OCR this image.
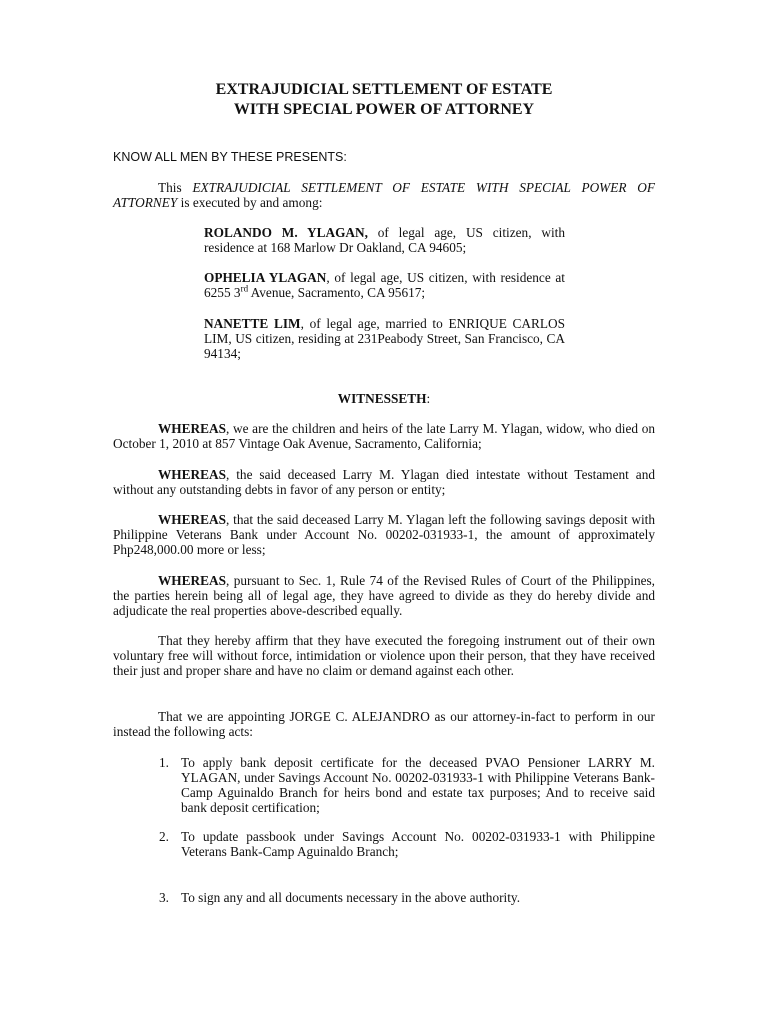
EXTRAJUDICIAL SETTLEMENT OF ESTATE
WITH SPECIAL POWER OF ATTORNEY

KNOW ALL MEN BY THESE PRESENTS:

This EXTRAJUDICIAL SETTLEMENT OF ESTATE WITH SPECIAL POWER OF ATTORNEY is executed by and among:

ROLANDO M. YLAGAN, of legal age, US citizen, with residence at 168 Marlow Dr Oakland, CA 94605;

OPHELIA YLAGAN, of legal age, US citizen, with residence at 6255 3rd Avenue, Sacramento, CA 95617;

NANETTE LIM, of legal age, married to ENRIQUE CARLOS LIM, US citizen, residing at 231Peabody Street, San Francisco, CA 94134;

WITNESSETH:

WHEREAS, we are the children and heirs of the late Larry M. Ylagan, widow, who died on October 1, 2010 at 857 Vintage Oak Avenue, Sacramento, California;

WHEREAS, the said deceased Larry M. Ylagan died intestate without Testament and without any outstanding debts in favor of any person or entity;

WHEREAS, that the said deceased Larry M. Ylagan left the following savings deposit with Philippine Veterans Bank under Account No. 00202-031933-1, the amount of approximately Php248,000.00 more or less;

WHEREAS, pursuant to Sec. 1, Rule 74 of the Revised Rules of Court of the Philippines, the parties herein being all of legal age, they have agreed to divide as they do hereby divide and adjudicate the real properties above-described equally.

That they hereby affirm that they have executed the foregoing instrument out of their own voluntary free will without force, intimidation or violence upon their person, that they have received their just and proper share and have no claim or demand against each other.

That we are appointing JORGE C. ALEJANDRO as our attorney-in-fact to perform in our instead the following acts:

1. To apply bank deposit certificate for the deceased PVAO Pensioner LARRY M. YLAGAN, under Savings Account No. 00202-031933-1 with Philippine Veterans Bank-Camp Aguinaldo Branch for heirs bond and estate tax purposes; And to receive said bank deposit certification;

2. To update passbook under Savings Account No. 00202-031933-1 with Philippine Veterans Bank-Camp Aguinaldo Branch;

3. To sign any and all documents necessary in the above authority.
